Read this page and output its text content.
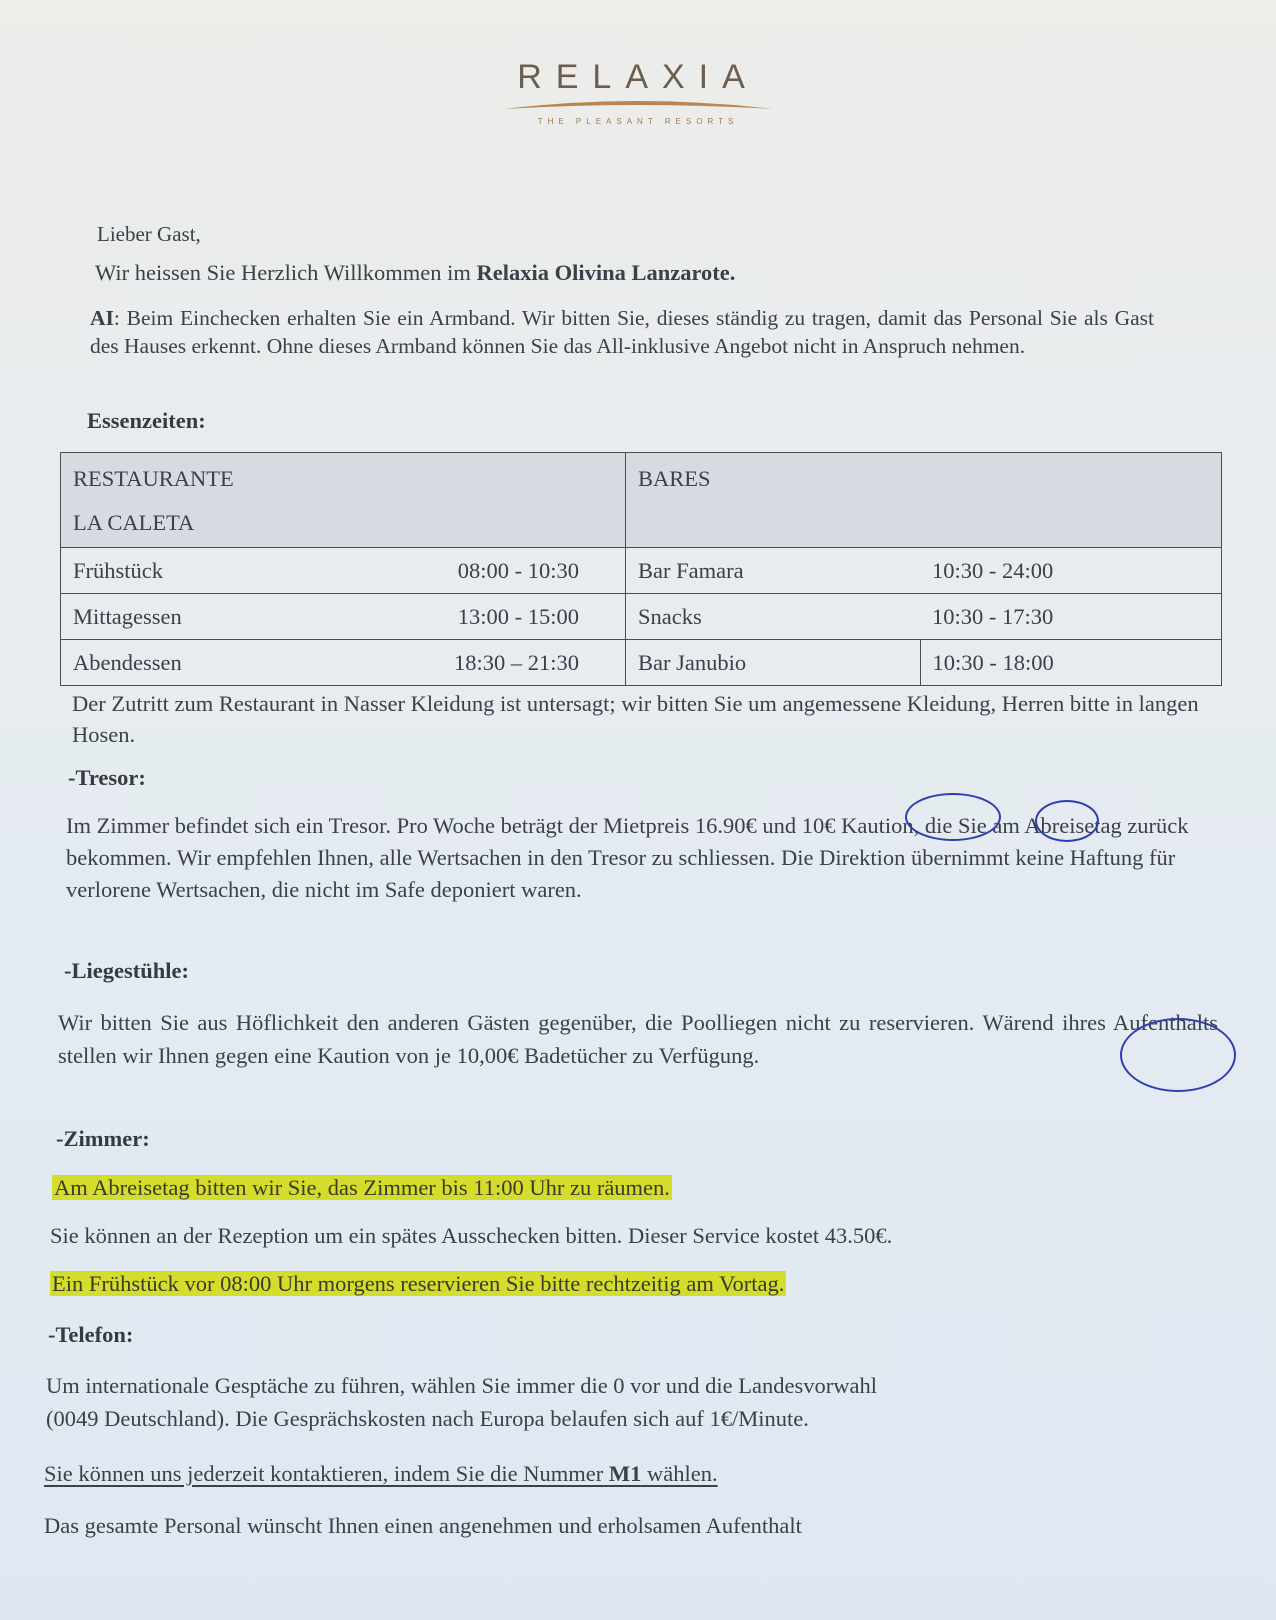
RELAXIA
THE PLEASANT RESORTS
Lieber Gast,
Wir heissen Sie Herzlich Willkommen im Relaxia Olivina Lanzarote.
AI: Beim Einchecken erhalten Sie ein Armband. Wir bitten Sie, dieses ständig zu tragen, damit das Personal Sie als Gast des Hauses erkennt. Ohne dieses Armband können Sie das All-inklusive Angebot nicht in Anspruch nehmen.
Essenzeiten:
RESTAURANTE
LA CALETA	BARES	

Frühstück 08:00 - 10:30	Bar Famara	10:30 - 24:00

Mittagessen 13:00 - 15:00	Snacks	10:30 - 17:30

Abendessen 18:30 – 21:30	Bar Janubio	10:30 - 18:00
Der Zutritt zum Restaurant in Nasser Kleidung ist untersagt; wir bitten Sie um angemessene Kleidung, Herren bitte in langen Hosen.
-Tresor:
Im Zimmer befindet sich ein Tresor. Pro Woche beträgt der Mietpreis 16.90€ und 10€ Kaution, die Sie am Abreisetag zurück bekommen. Wir empfehlen Ihnen, alle Wertsachen in den Tresor zu schliessen. Die Direktion übernimmt keine Haftung für verlorene Wertsachen, die nicht im Safe deponiert waren.
-Liegestühle:
Wir bitten Sie aus Höflichkeit den anderen Gästen gegenüber, die Poolliegen nicht zu reservieren. Wärend ihres Aufenthalts stellen wir Ihnen gegen eine Kaution von je 10,00€ Badetücher zu Verfügung.
-Zimmer:
Am Abreisetag bitten wir Sie, das Zimmer bis 11:00 Uhr zu räumen.
Sie können an der Rezeption um ein spätes Ausschecken bitten. Dieser Service kostet 43.50€.
Ein Frühstück vor 08:00 Uhr morgens reservieren Sie bitte rechtzeitig am Vortag.
-Telefon:
Um internationale Gesptäche zu führen, wählen Sie immer die 0 vor und die Landesvorwahl
(0049 Deutschland). Die Gesprächskosten nach Europa belaufen sich auf 1€/Minute.
Sie können uns jederzeit kontaktieren, indem Sie die Nummer M1 wählen.
Das gesamte Personal wünscht Ihnen einen angenehmen und erholsamen Aufenthalt
